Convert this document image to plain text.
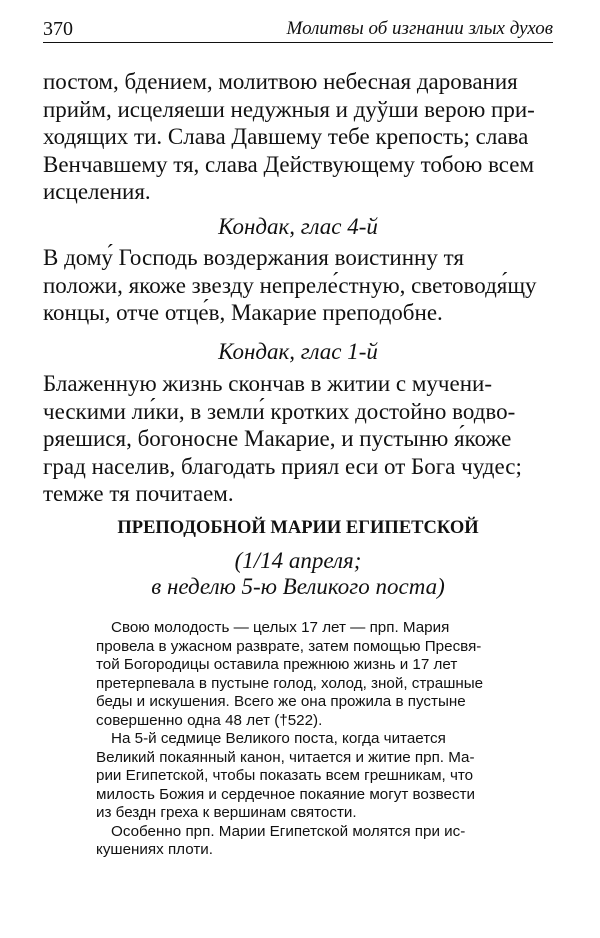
370	Молитвы об изгнании злых духов
постом, бдением, молитвою небесная дарования
прийм, исцеляеши недужныя и дуўши верою при-
ходящих ти. Слава Давшему тебе крепость; слава
Венчавшему тя, слава Действующему тобою всем
исцеления.
Кондак, глас 4-й
В дому́ Господь воздержания воистинну тя
положи, якоже звезду непреле́стную, световодя́щу
концы, отче отце́в, Макарие преподобне.
Кондак, глас 1-й
Блаженную жизнь скончав в житии с мучени-
ческими ли́ки, в земли́ кротких достойно водво-
ряешися, богоносне Макарие, и пустыню я́коже
град населив, благодать приял еси от Бога чудес;
темже тя почитаем.
ПРЕПОДОБНОЙ МАРИИ ЕГИПЕТСКОЙ
(1/14 апреля;
в неделю 5-ю Великого поста)
Свою молодость — целых 17 лет — прп. Мария
провела в ужасном разврате, затем помощью Пресвя-
той Богородицы оставила прежнюю жизнь и 17 лет
претерпевала в пустыне голод, холод, зной, страшные
беды и искушения. Всего же она прожила в пустыне
совершенно одна 48 лет (†522).
На 5-й седмице Великого поста, когда читается
Великий покаянный канон, читается и житие прп. Ма-
рии Египетской, чтобы показать всем грешникам, что
милость Божия и сердечное покаяние могут возвести
из бездн греха к вершинам святости.
Особенно прп. Марии Египетской молятся при ис-
кушениях плоти.
